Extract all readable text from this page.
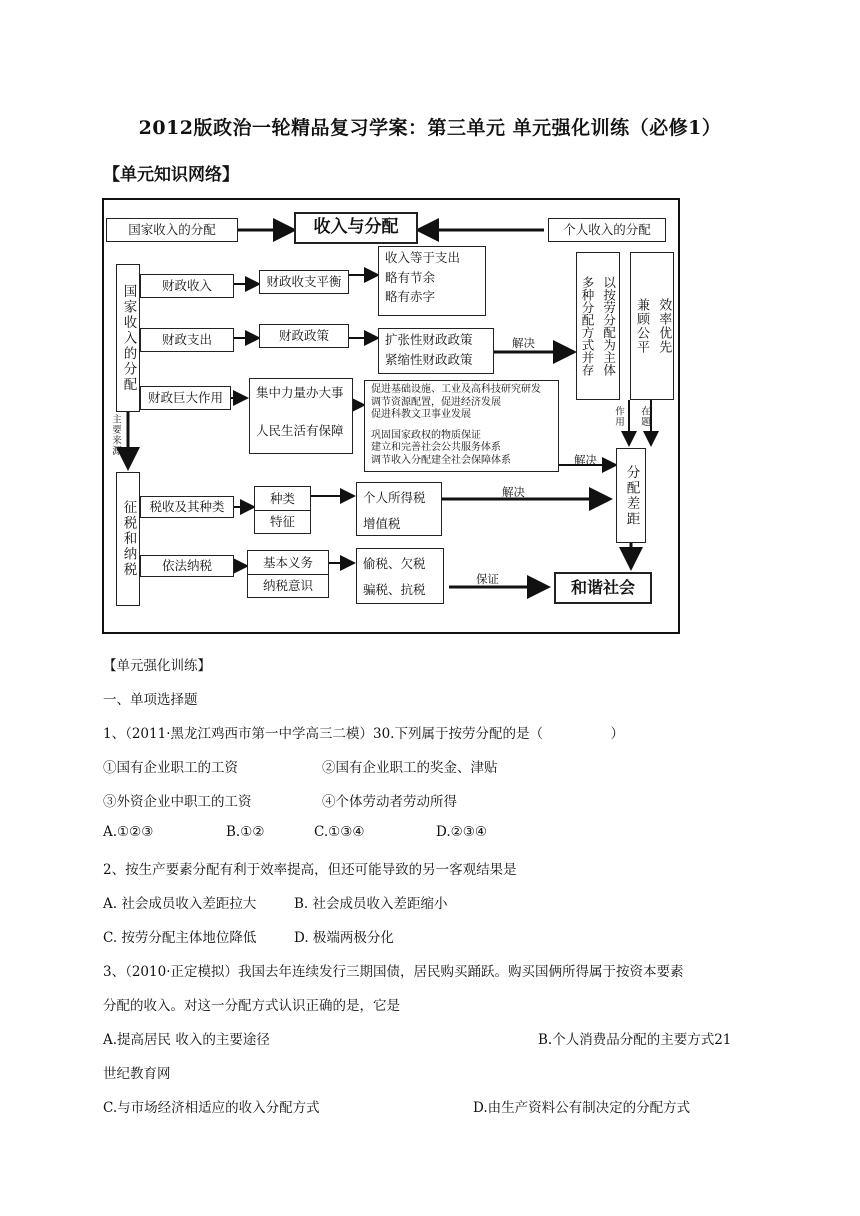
2012版政治一轮精品复习学案：第三单元 单元强化训练（必修1）
【单元知识网络】
国家收入的分配	收入与分配	个人收入的分配
国家收入的分配	财政收入
财政支出
财政巨大作用
财政收支平衡
财政政策
收入等于支出
略有节余
略有赤字
扩张性财政政策
紧缩性财政政策
解决
集中力量办大事
人民生活有保障
促进基础设施、工业及高科技研究研发
调节资源配置，促进经济发展
促进科教文卫事业发展
巩固国家政权的物质保证
建立和完善社会公共服务体系
调节收入分配建全社会保障体系
以按劳分配为主体
多种分配方式并存	效率优先
兼顾公平
作用 在题
解决
分配差距
主要来源
征税和纳税	税收及其种类
依法纳税
种类
特征
个人所得税
增值税
解决
基本义务
纳税意识
偷税、欠税
骗税、抗税
保证	和谐社会
【单元强化训练】
一、单项选择题
1、（2011·黑龙江鸡西市第一中学高三二模）30.下列属于按劳分配的是（　　　　　）
①国有企业职工的工资	②国有企业职工的奖金、津贴
③外资企业中职工的工资	④个体劳动者劳动所得
A.①②③	B.①②	C.①③④	D.②③④
2、按生产要素分配有利于效率提高，但还可能导致的另一客观结果是
A. 社会成员收入差距拉大	B. 社会成员收入差距缩小
C. 按劳分配主体地位降低	D. 极端两极分化
3、（2010·正定模拟）我国去年连续发行三期国债，居民购买踊跃。购买国俩所得属于按资本要素
分配的收入。对这一分配方式认识正确的是，它是
A.提高居民 收入的主要途径	B.个人消费品分配的主要方式21
世纪教育网
C.与市场经济相适应的收入分配方式	D.由生产资料公有制决定的分配方式
